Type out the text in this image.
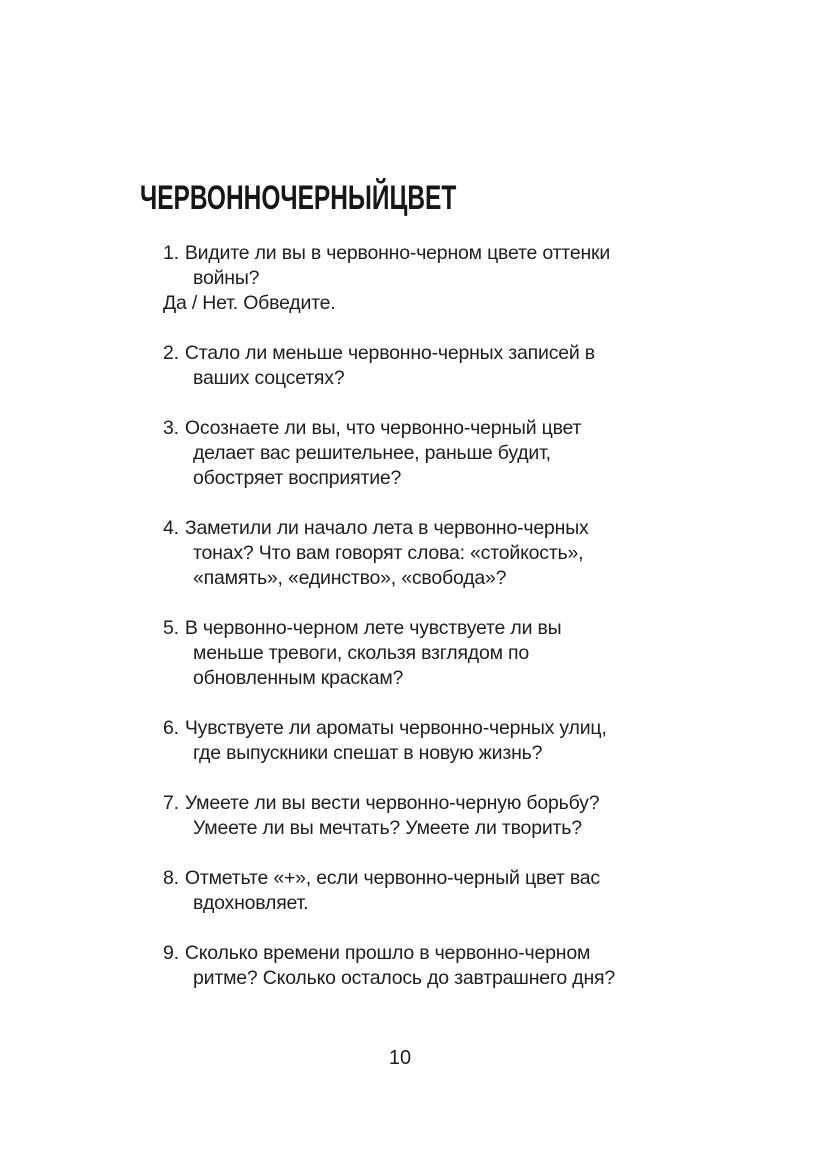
ЧЕРВОННОЧЕРНЫЙЦВЕТ
1. Видите ли вы в червонно-черном цвете оттенки
войны?
Да / Нет. Обведите.
2. Стало ли меньше червонно-черных записей в
ваших соцсетях?
3. Осознаете ли вы, что червонно-черный цвет
делает вас решительнее, раньше будит,
обостряет восприятие?
4. Заметили ли начало лета в червонно-черных
тонах? Что вам говорят слова: «стойкость»,
«память», «единство», «свобода»?
5. В червонно-черном лете чувствуете ли вы
меньше тревоги, скользя взглядом по
обновленным краскам?
6. Чувствуете ли ароматы червонно-черных улиц,
где выпускники спешат в новую жизнь?
7. Умеете ли вы вести червонно-черную борьбу?
Умеете ли вы мечтать? Умеете ли творить?
8. Отметьте «+», если червонно-черный цвет вас
вдохновляет.
9. Сколько времени прошло в червонно-черном
ритме? Сколько осталось до завтрашнего дня?
10
